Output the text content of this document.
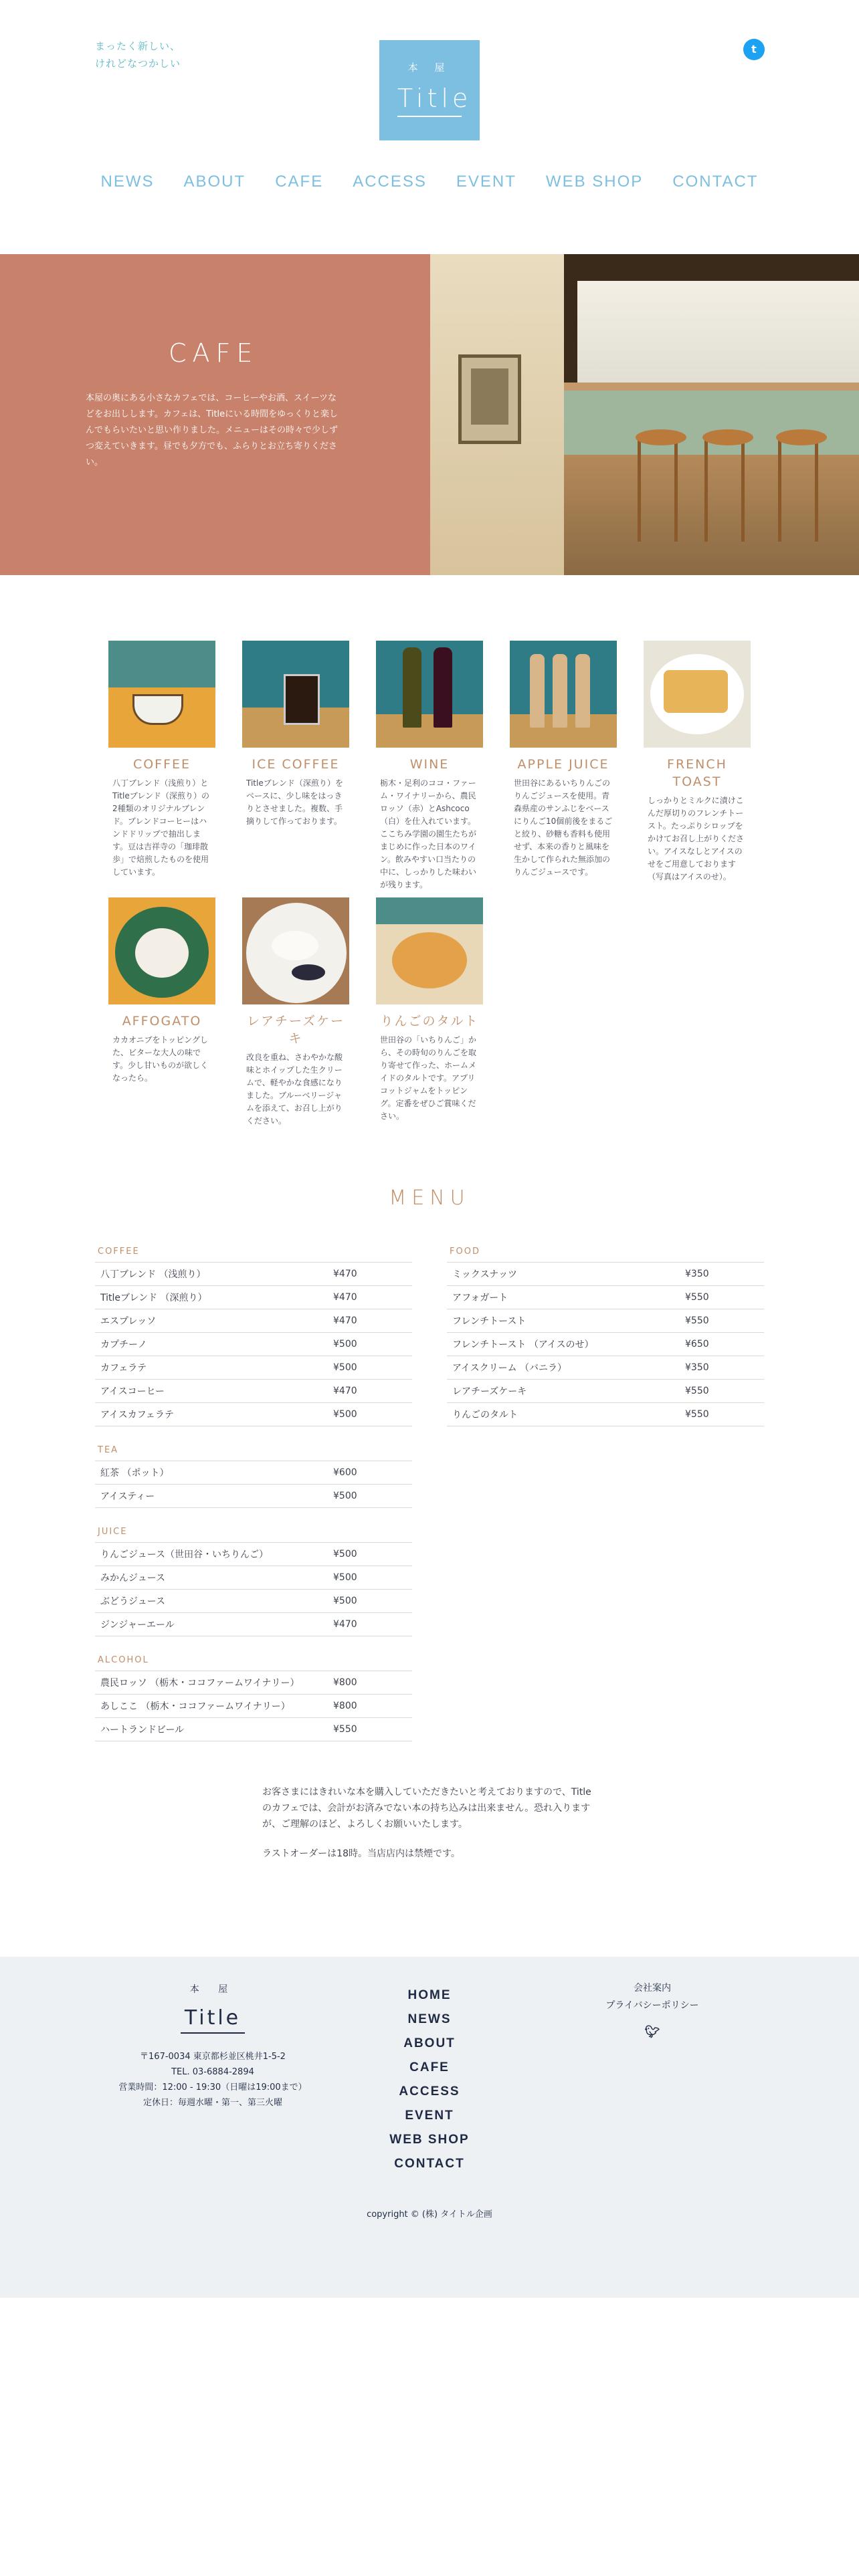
まったく新しい、
けれどなつかしい	本 屋
Title
t
NEWS ABOUT CAFE ACCESS EVENT WEB SHOP CONTACT
CAFE

本屋の奥にある小さなカフェでは、コーヒーやお酒、スイーツなどをお出しします。カフェは、Titleにいる時間をゆっくりと楽しんでもらいたいと思い作りました。メニューはその時々で少しずつ変えていきます。昼でも夕方でも、ふらりとお立ち寄りください。

COFFEE

八丁ブレンド（浅煎り）とTitleブレンド（深煎り）の2種類のオリジナルブレンド。ブレンドコーヒーはハンドドリップで抽出します。豆は吉祥寺の「珈琲散歩」で焙煎したものを使用しています。

ICE COFFEE

Titleブレンド（深煎り）をベースに、少し味をはっきりとさせました。複数、手摘りして作っております。

WINE

栃木・足利のココ・ファーム・ワイナリーから、農民ロッソ（赤）とAshcoco（白）を仕入れています。ここちみ学園の園生たちがまじめに作った日本のワイン。飲みやすい口当たりの中に、しっかりした味わいが残ります。

APPLE JUICE

世田谷にあるいちりんごのりんごジュースを使用。青森県産のサンふじをベースにりんご10個前後をまるごと絞り、砂糖も香料も使用せず、本来の香りと風味を生かして作られた無添加のりんごジュースです。

FRENCH TOAST

しっかりとミルクに漬けこんだ厚切りのフレンチトースト。たっぷりシロップをかけてお召し上がりください。アイスなしとアイスのせをご用意しております（写真はアイスのせ）。

AFFOGATO

カカオニブをトッピングした、ビターな大人の味です。少し甘いものが欲しくなったら。

レアチーズケーキ

改良を重ね、さわやかな酸味とホイップした生クリームで、軽やかな食感になりました。ブルーベリージャムを添えて、お召し上がりください。

りんごのタルト

世田谷の「いちりんご」から、その時旬のりんごを取り寄せて作った、ホームメイドのタルトです。アプリコットジャムをトッピング。定番をぜひご賞味ください。

MENU
COFFEE
八丁ブレンド （浅煎り）	¥470
Titleブレンド （深煎り）	¥470
エスプレッソ	¥470
カプチーノ	¥500
カフェラテ	¥500
アイスコーヒー	¥470
アイスカフェラテ	¥500
TEA
紅茶 （ポット）	¥600
アイスティー	¥500
JUICE
りんごジュース（世田谷・いちりんご）	¥500
みかんジュース	¥500
ぶどうジュース	¥500
ジンジャーエール	¥470
ALCOHOL
農民ロッソ （栃木・ココファームワイナリー）	¥800
あしここ （栃木・ココファームワイナリー）	¥800
ハートランドビール	¥550
FOOD
ミックスナッツ	¥350
アフォガート	¥550
フレンチトースト	¥550
フレンチトースト （アイスのせ）	¥650
アイスクリーム （バニラ）	¥350
レアチーズケーキ	¥550
りんごのタルト	¥550

お客さまにはきれいな本を購入していただきたいと考えておりますので、Titleのカフェでは、会計がお済みでない本の持ち込みは出来ません。恐れ入りますが、ご理解のほど、よろしくお願いいたします。

ラストオーダーは18時。当店店内は禁煙です。

本 屋
Title
〒167-0034 東京都杉並区桃井1-5-2
TEL. 03-6884-2894
営業時間：12:00 - 19:30（日曜は19:00まで）
定休日：毎週水曜・第一、第三火曜
HOME
NEWS
ABOUT
CAFE
ACCESS
EVENT
WEB SHOP
CONTACT
会社案内
プライバシーポリシー
🐦︎
copyright © (株) タイトル企画
